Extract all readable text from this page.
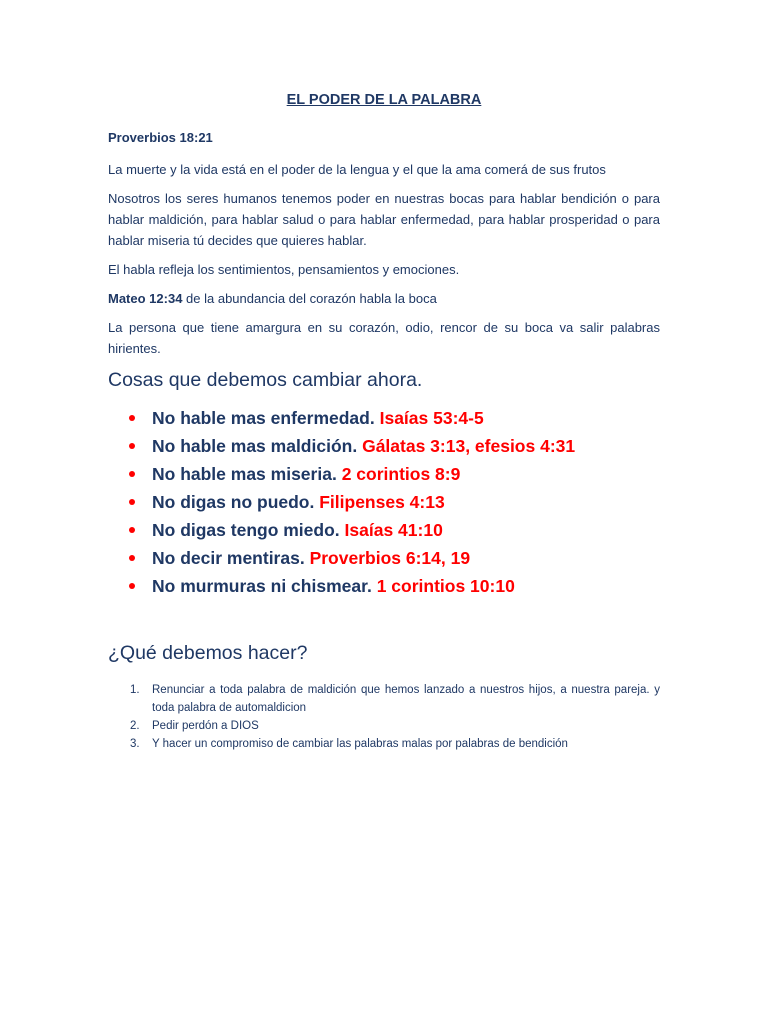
EL PODER DE LA PALABRA

Proverbios 18:21

La muerte y la vida está en el poder de la lengua y el que la ama comerá de sus frutos

Nosotros los seres humanos tenemos poder en nuestras bocas para hablar bendición o para hablar maldición, para hablar salud o para hablar enfermedad, para hablar prosperidad o para hablar miseria tú decides que quieres hablar.

El habla refleja los sentimientos, pensamientos y emociones.

Mateo 12:34 de la abundancia del corazón habla la boca

La persona que tiene amargura en su corazón, odio, rencor de su boca va salir palabras hirientes.

Cosas que debemos cambiar ahora.
No hable mas enfermedad. Isaías 53:4-5
No hable mas maldición. Gálatas 3:13, efesios 4:31
No hable mas miseria. 2 corintios 8:9
No digas no puedo. Filipenses 4:13
No digas tengo miedo. Isaías 41:10
No decir mentiras. Proverbios 6:14, 19
No murmuras ni chismear. 1 corintios 10:10
¿Qué debemos hacer?
1. Renunciar a toda palabra de maldición que hemos lanzado a nuestros hijos, a nuestra pareja. y toda palabra de automaldicion
2. Pedir perdón a DIOS
3. Y hacer un compromiso de cambiar las palabras malas por palabras de bendición
